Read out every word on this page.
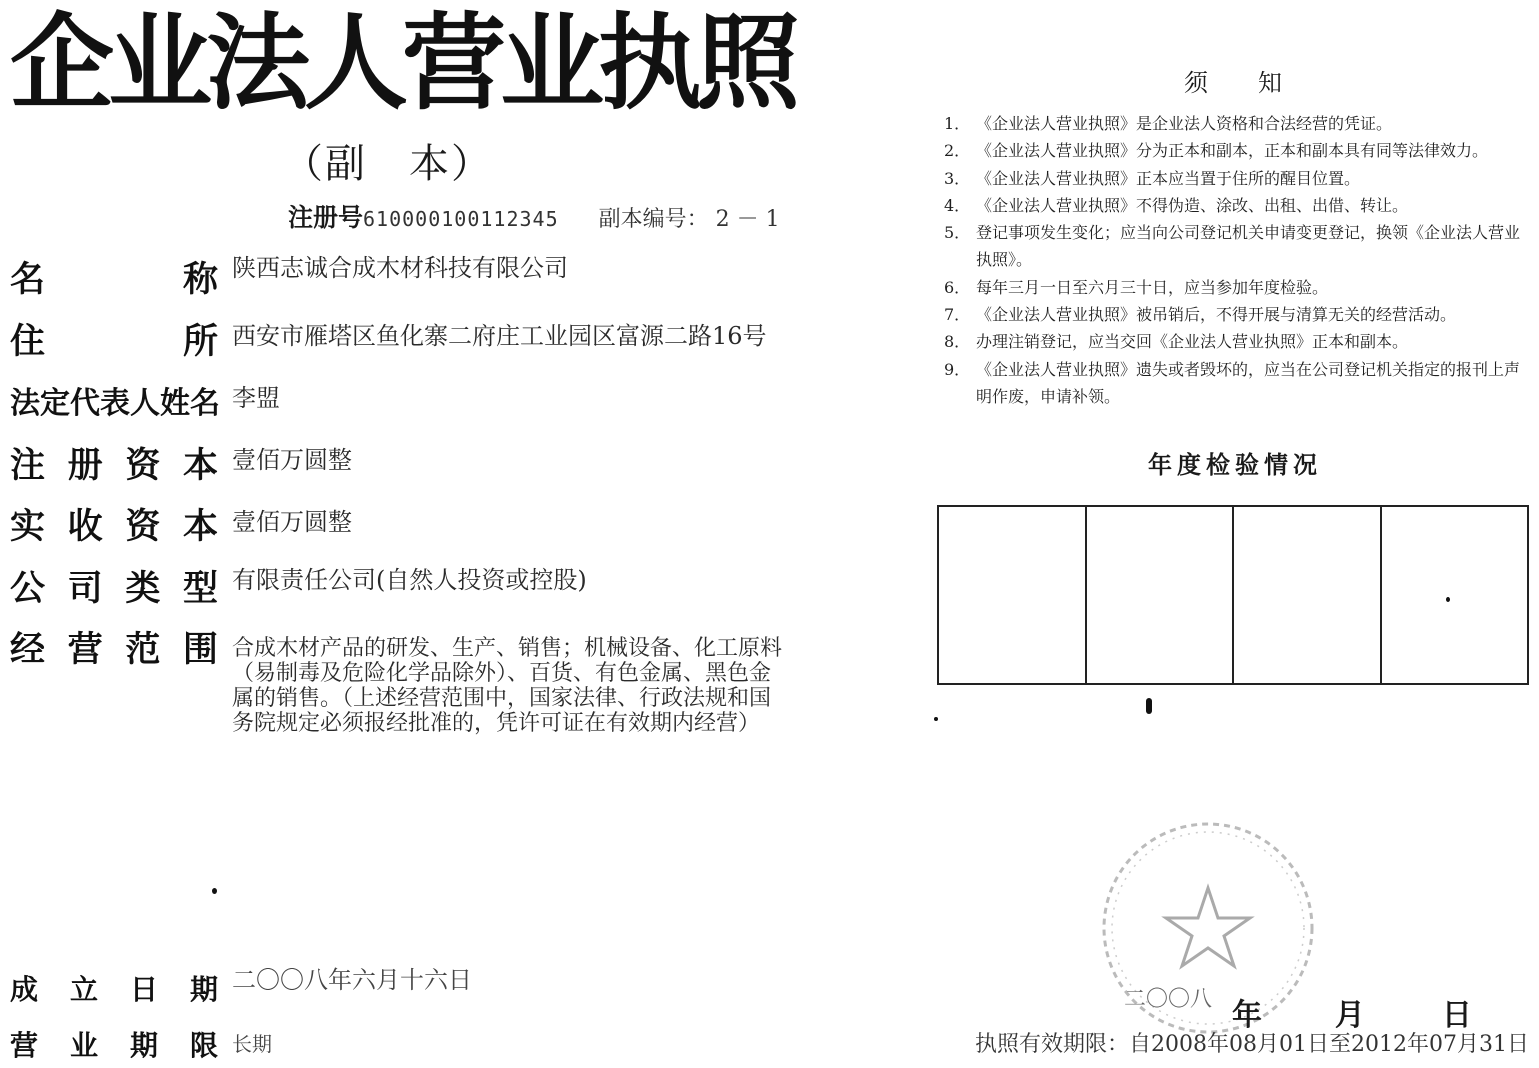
企业法人营业执照
（副　本）
注册号610000100112345 副本编号： 2 － 1
名　称 陕西志诚合成木材科技有限公司
住　所 西安市雁塔区鱼化寨二府庄工业园区富源二路16号
法定代表人姓名 李盟
注册资本 壹佰万圆整
实收资本 壹佰万圆整
公司类型 有限责任公司(自然人投资或控股)
经营范围 合成木材产品的研发、生产、销售；机械设备、化工原料（易制毒及危险化学品除外）、百货、有色金属、黑色金属的销售。（上述经营范围中，国家法律、行政法规和国务院规定必须报经批准的，凭许可证在有效期内经营）
成立日期 二〇〇八年六月十六日
营业期限 长期
须知
1． 《企业法人营业执照》是企业法人资格和合法经营的凭证。
2． 《企业法人营业执照》分为正本和副本，正本和副本具有同等法律效力。
3． 《企业法人营业执照》正本应当置于住所的醒目位置。
4． 《企业法人营业执照》不得伪造、涂改、出租、出借、转让。
5． 登记事项发生变化；应当向公司登记机关申请变更登记，换领《企业法人营业执照》。
6． 每年三月一日至六月三十日，应当参加年度检验。
7． 《企业法人营业执照》被吊销后，不得开展与清算无关的经营活动。
8． 办理注销登记，应当交回《企业法人营业执照》正本和副本。
9． 《企业法人营业执照》遗失或者毁坏的，应当在公司登记机关指定的报刊上声明作废，申请补领。
年度检验情况
二〇〇八 年 月	日
执照有效期限：自2008年08月01日至2012年07月31日
